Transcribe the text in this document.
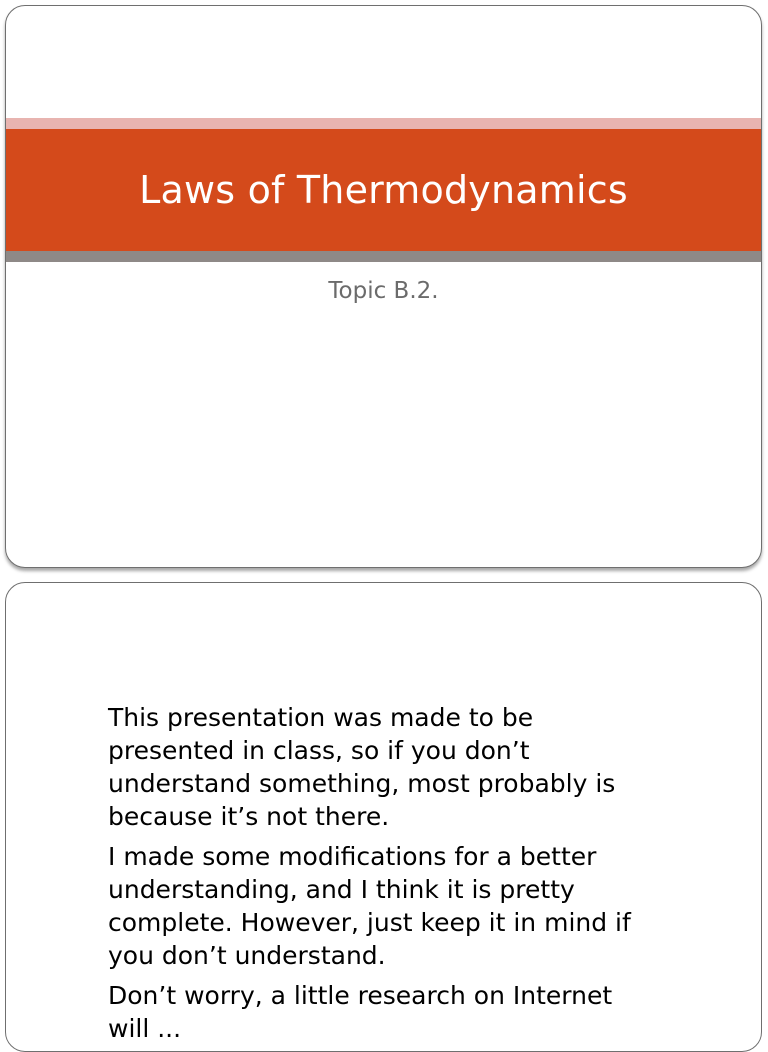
Laws of Thermodynamics
Topic B.2.

This presentation was made to be
presented in class, so if you don’t
understand something, most probably is
because it’s not there.

I made some modifications for a better
understanding, and I think it is pretty
complete. However, just keep it in mind if
you don’t understand.

Don’t worry, a little research on Internet
will ...
